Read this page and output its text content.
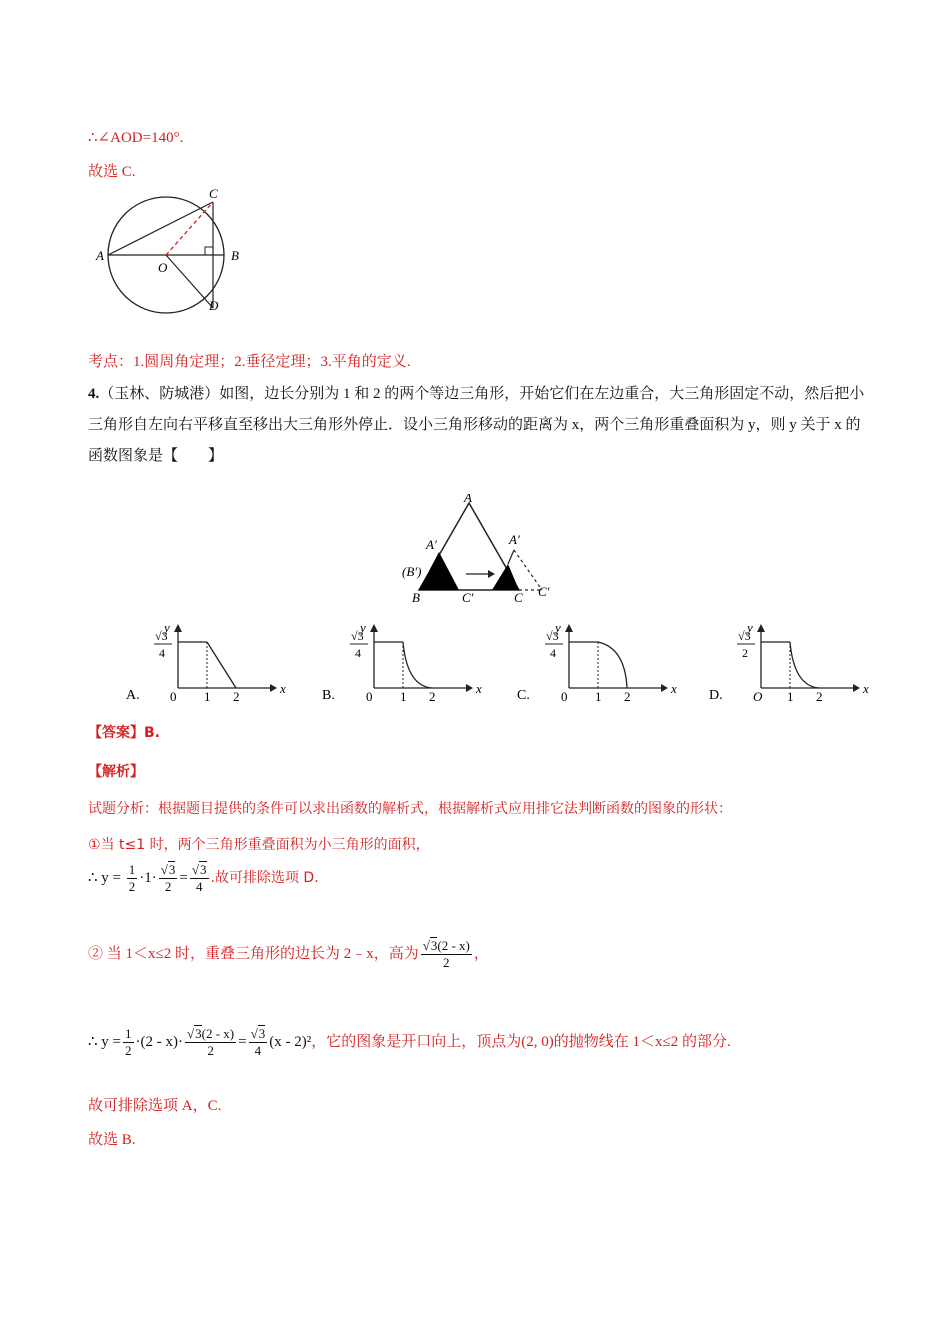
∴∠AOD=140°.
故选 C.
A
O
B
C
D
考点：1.圆周角定理；2.垂径定理；3.平角的定义.
4.（玉林、防城港）如图，边长分别为 1 和 2 的两个等边三角形，开始它们在左边重合，大三角形固定不动，然后把小三角形自左向右平移直至移出大三角形外停止．设小三角形移动的距离为 x，两个三角形重叠面积为 y，则 y 关于 x 的函数图象是【　　】
A
A′	A′
(B′)
B	C′	C C′
A. 0 1 2
x
y
√3
4
B. 0 1 2
x
y
√3
4
C. 0 1 2
x
y
√3
4
D. O 1 2
x
y
√3
2
【答案】B.
【解析】
试题分析：根据题目提供的条件可以求出函数的解析式，根据解析式应用排它法判断函数的图象的形状：
①当 t≤1 时，两个三角形重叠面积为小三角形的面积，
∴ $y = \frac{1}{2} \cdot 1\cdot \frac{√3}{2} = \frac{√3}{4}$ .故可排除选项 D.
② 当 1＜x≤2 时，重叠三角形的边长为 2﹣x，高为 $\frac{√3(2 - x)}{2}$ ，
∴ $y = \frac{1}{2} \cdot(2 - x)\cdot \frac{√3(2 - x)}{2} = \frac{√3}{4} (x - 2)^2$，它的图象是开口向上，顶点为(2, 0)的抛物线在 1＜x≤2 的部分.
故可排除选项 A，C.
故选 B.
